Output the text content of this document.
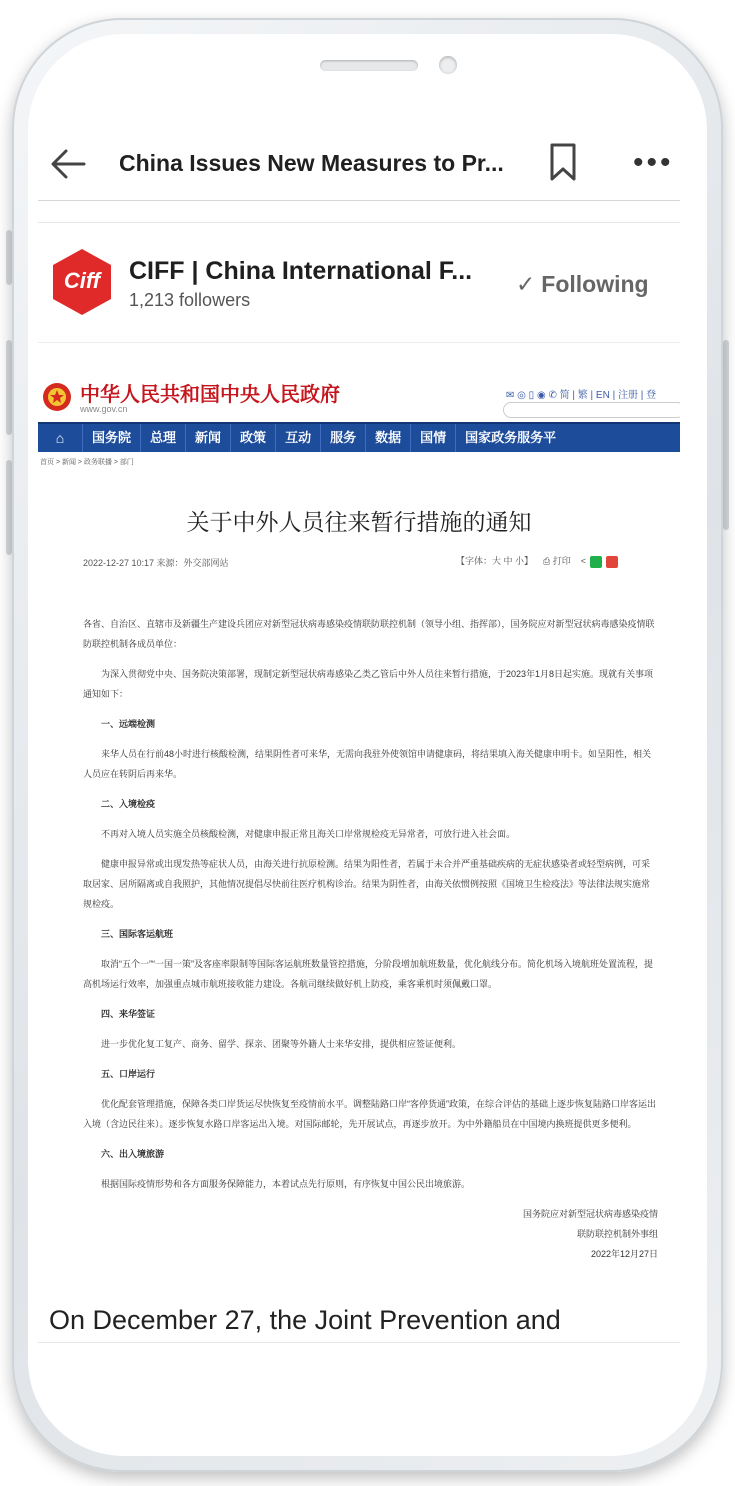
China Issues New Measures to Pr...	•••
Ciff	CIFF | China International F...
1,213 followers
✓ Following
中华人民共和国中央人民政府
www.gov.cn
✉ ◎ ▯ ◉ ✆ 简 | 繁 | EN | 注册 | 登
⌂	国务院	总理	新闻	政策	互动	服务	数据	国情	国家政务服务平
首页 > 新闻 > 政务联播 > 部门
关于中外人员往来暂行措施的通知
2022-12-27 10:17 来源：外交部网站	【字体：大 中 小】 ⎙ 打印 <

各省、自治区、直辖市及新疆生产建设兵团应对新型冠状病毒感染疫情联防联控机制（领导小组、指挥部），国务院应对新型冠状病毒感染疫情联防联控机制各成员单位：

为深入贯彻党中央、国务院决策部署，现制定新型冠状病毒感染乙类乙管后中外人员往来暂行措施，于2023年1月8日起实施。现就有关事项通知如下：

一、远端检测

来华人员在行前48小时进行核酸检测，结果阴性者可来华，无需向我驻外使领馆申请健康码，将结果填入海关健康申明卡。如呈阳性，相关人员应在转阴后再来华。

二、入境检疫

不再对入境人员实施全员核酸检测，对健康申报正常且海关口岸常规检疫无异常者，可放行进入社会面。

健康申报异常或出现发热等症状人员，由海关进行抗原检测。结果为阳性者，若属于未合并严重基础疾病的无症状感染者或轻型病例，可采取居家、居所隔离或自我照护，其他情况提倡尽快前往医疗机构诊治。结果为阴性者，由海关依惯例按照《国境卫生检疫法》等法律法规实施常规检疫。

三、国际客运航班

取消“五个一”“一国一策”及客座率限制等国际客运航班数量管控措施，分阶段增加航班数量，优化航线分布。简化机场入境航班处置流程，提高机场运行效率，加强重点城市航班接收能力建设。各航司继续做好机上防疫，乘客乘机时须佩戴口罩。

四、来华签证

进一步优化复工复产、商务、留学、探亲、团聚等外籍人士来华安排，提供相应签证便利。

五、口岸运行

优化配套管理措施，保障各类口岸货运尽快恢复至疫情前水平。调整陆路口岸“客停货通”政策，在综合评估的基础上逐步恢复陆路口岸客运出入境（含边民往来）。逐步恢复水路口岸客运出入境。对国际邮轮，先开展试点，再逐步放开。为中外籍船员在中国境内换班提供更多便利。

六、出入境旅游

根据国际疫情形势和各方面服务保障能力，本着试点先行原则，有序恢复中国公民出境旅游。

国务院应对新型冠状病毒感染疫情
联防联控机制外事组
2022年12月27日
On December 27, the Joint Prevention and
